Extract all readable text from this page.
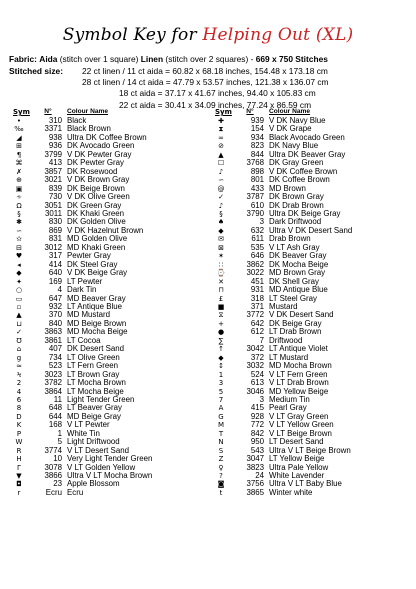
Symbol Key for Helping Out (XL)
Fabric: Aida (stitch over 1 square) Linen (stitch over 2 squares) - 669 x 750 Stitches
Stitched size:	22 ct linen / 11 ct aida = 60.82 x 68.18 inches, 154.48 x 173.18 cm
28 ct linen / 14 ct aida = 47.79 x 53.57 inches, 121.38 x 136.07 cm
18 ct aida = 37.17 x 41.67 inches, 94.40 x 105.83 cm
22 ct aida = 30.41 x 34.09 inches, 77.24 x 86.59 cm
Sym	N°	Colour Name
•	310 Black
‰	3371 Black Brown
◢	938 Ultra DK Coffee Brown
⊞	936 DK Avocado Green
¶	3799 V DK Pewter Gray
⌘	413 DK Pewter Gray
✗	3857 DK Rosewood
⊕	3021 V DK Brown Gray
▣	839 DK Beige Brown
∻	730 V DK Olive Green
Ω	3051 DK Green Gray
§	3011 DK Khaki Green
✱	830 DK Golden Olive
∽	869 V DK Hazelnut Brown
✫	831 MD Golden Olive
⊟	3012 MD Khaki Green
♥	317 Pewter Gray
◂	414 DK Steel Gray
◆	640 V DK Beige Gray
✦	169 LT Pewter
○	4 Dark Tin
▭	647 MD Beaver Gray
▫	932 LT Antique Blue
▲	370 MD Mustard
⊔	840 MD Beige Brown
✓	3863 MD Mocha Beige
Ʊ	3861 LT Cocoa
⌂	407 DK Desert Sand
g	734 LT Olive Green
≈	523 LT Fern Green
Ϟ	3023 LT Brown Gray
2	3782 LT Mocha Brown
4	3864 LT Mocha Beige
6	11 Light Tender Green
8	648 LT Beaver Gray
D	644 MD Beige Gray
K	168 V LT Pewter
P	1 White Tin
W	5 Light Driftwood
R	3774 V LT Desert Sand
H	10 Very Light Tender Green
Γ	3078 V LT Golden Yellow
▼	3866 Ultra V LT Mocha Brown
◘	23 Apple Blossom
r	Ecru Ecru
Sym	N°	Colour Name
✚	939 V DK Navy Blue
⧗	154 V DK Grape
∞	934 Black Avocado Green
⊘	823 DK Navy Blue
▲	844 Ultra DK Beaver Gray
☐	3768 DK Gray Green
♪	898 V DK Coffee Brown
∽	801 DK Coffee Brown
@	433 MD Brown
✓	3787 DK Brown Gray
♪	610 DK Drab Brown
§	3790 Ultra DK Beige Gray
♠	3 Dark Driftwood
◆	632 Ultra V DK Desert Sand
✉	611 Drab Brown
⊠	535 V LT Ash Gray
✶	646 DK Beaver Gray
∷	3862 DK Mocha Beige
⌚	3022 MD Brown Gray
✕	451 DK Shell Gray
⊓	931 MD Antique Blue
£	318 LT Steel Gray
■	371 Mustard
⧖	3772 V DK Desert Sand
+	642 DK Beige Gray
●	612 LT Drab Brown
∑	7 Driftwood
↑	3042 LT Antique Violet
◆	372 LT Mustard
↕	3032 MD Mocha Brown
1	524 V LT Fern Green
3	613 V LT Drab Brown
5	3046 MD Yellow Beige
7	3 Medium Tin
A	415 Pearl Gray
G	928 V LT Gray Green
M	772 V LT Yellow Green
T	842 V LT Beige Brown
N	950 LT Desert Sand
S	543 Ultra V LT Beige Brown
Z	3047 LT Yellow Beige
♀	3823 Ultra Pale Yellow
?	24 White Lavender
◙	3756 Ultra V LT Baby Blue
t	3865 Winter white
